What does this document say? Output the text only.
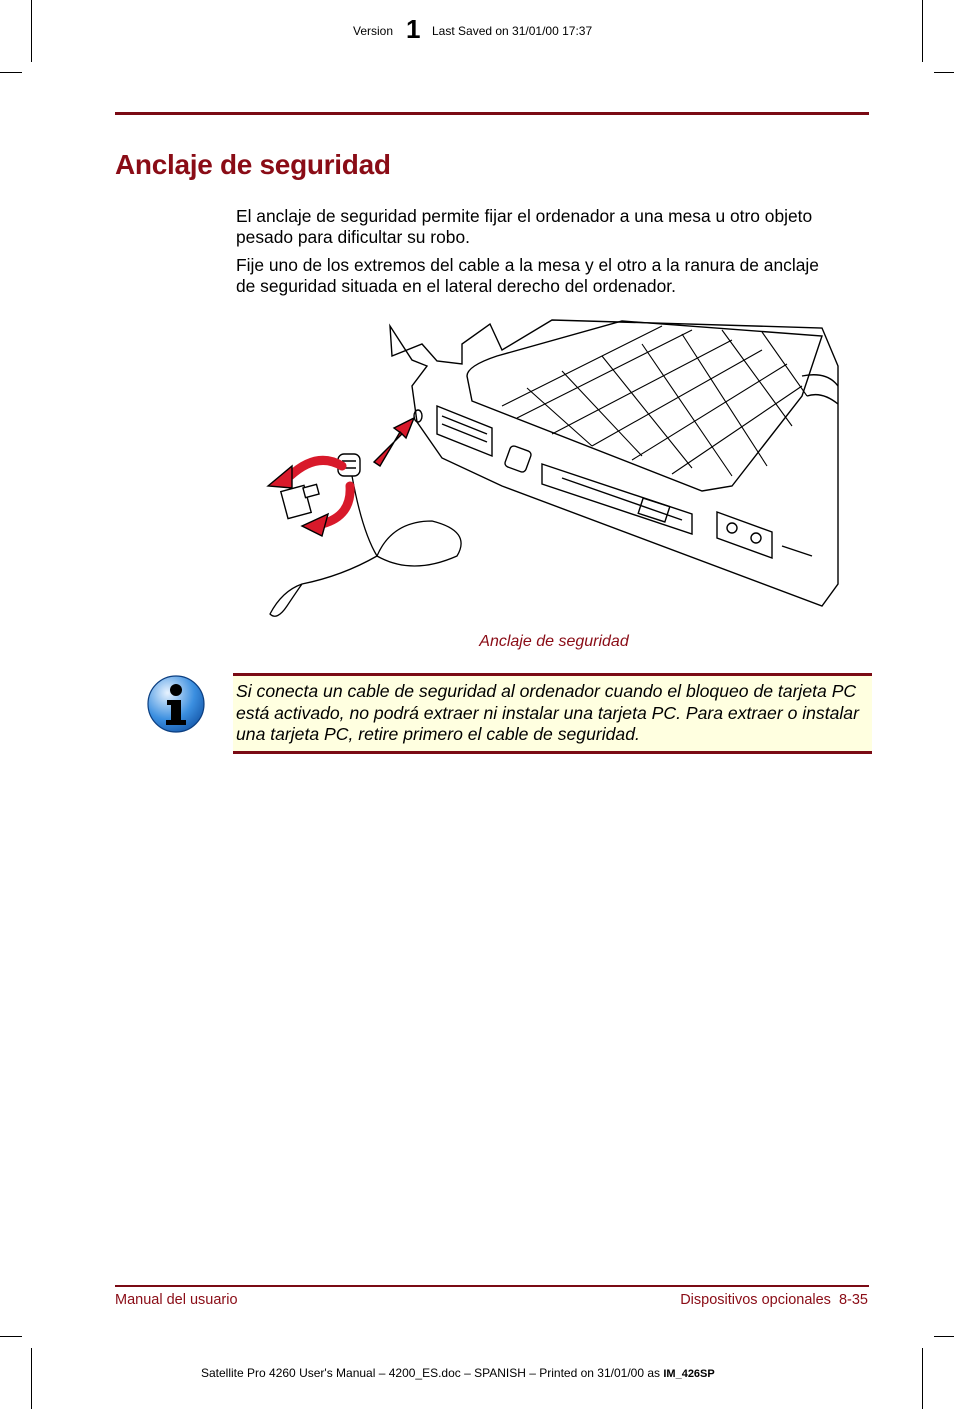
Version 1 Last Saved on 31/01/00 17:37
Anclaje de seguridad
El anclaje de seguridad permite fijar el ordenador a una mesa u otro objeto pesado para dificultar su robo.
Fije uno de los extremos del cable a la mesa y el otro a la ranura de anclaje de seguridad situada en el lateral derecho del ordenador.
Anclaje de seguridad
Si conecta un cable de seguridad al ordenador cuando el bloqueo de tarjeta PC está activado, no podrá extraer ni instalar una tarjeta PC. Para extraer o instalar una tarjeta PC, retire primero el cable de seguridad.
Manual del usuario	Dispositivos opcionales  8-35
Satellite Pro 4260 User's Manual – 4200_ES.doc – SPANISH – Printed on 31/01/00 as IM_426SP
